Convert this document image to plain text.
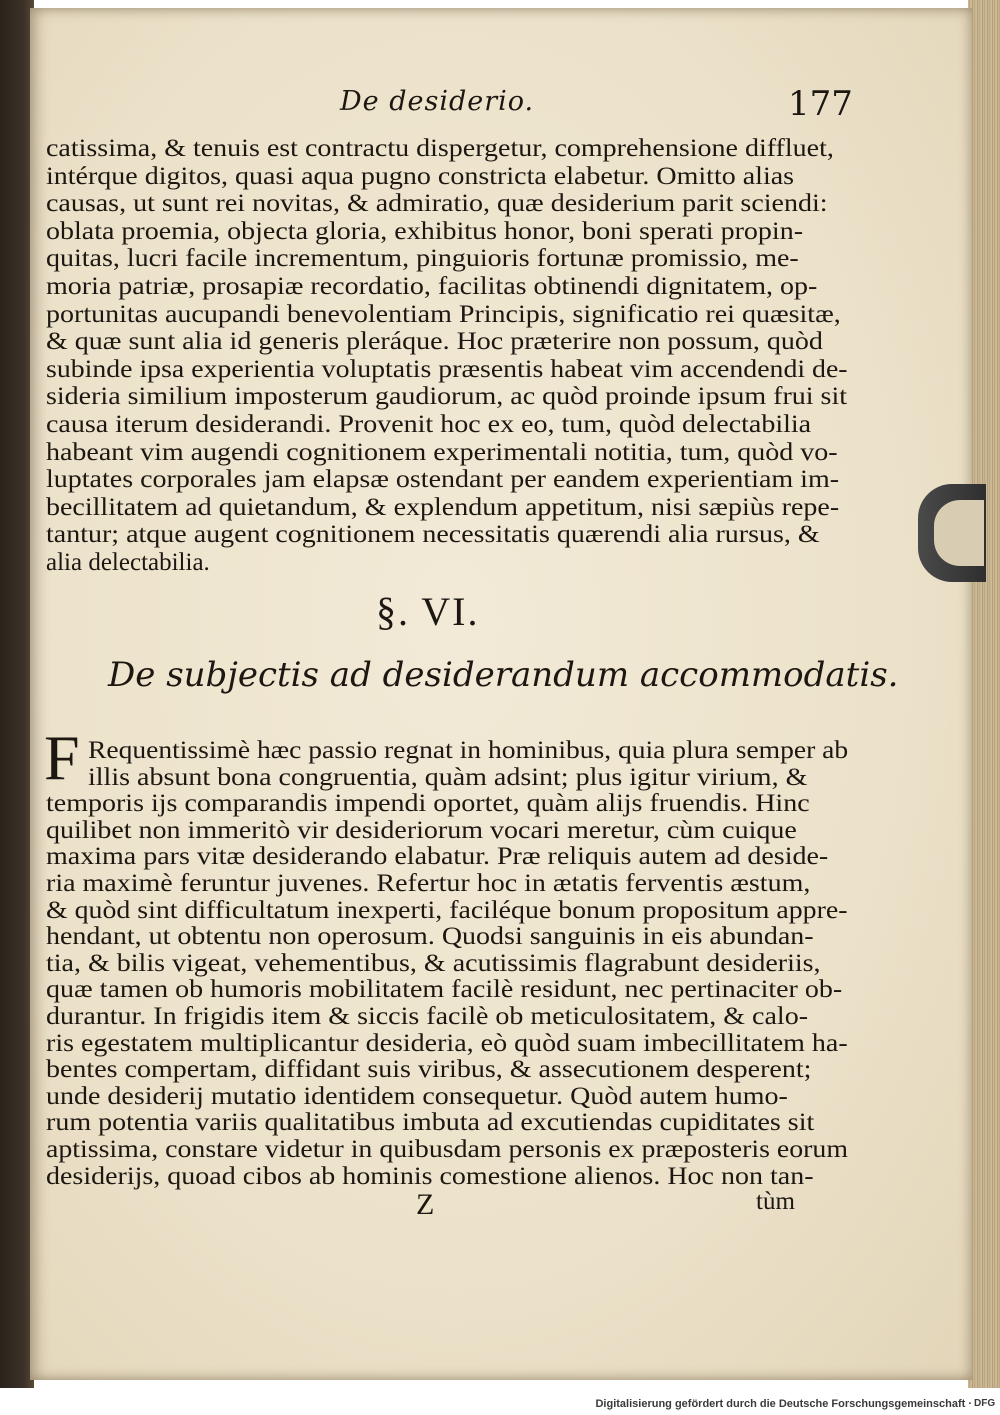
De desiderio.	177
catissima, & tenuis est contractu dispergetur, comprehensione diffluet,
intérque digitos, quasi aqua pugno constricta elabetur. Omitto alias
causas, ut sunt rei novitas, & admiratio, quæ desiderium parit sciendi:
oblata proemia, objecta gloria, exhibitus honor, boni sperati propin-
quitas, lucri facile incrementum, pinguioris fortunæ promissio, me-
moria patriæ, prosapiæ recordatio, facilitas obtinendi dignitatem, op-
portunitas aucupandi benevolentiam Principis, significatio rei quæsitæ,
& quæ sunt alia id generis pleráque. Hoc præterire non possum, quòd
subinde ipsa experientia voluptatis præsentis habeat vim accendendi de-
sideria similium imposterum gaudiorum, ac quòd proinde ipsum frui sit
causa iterum desiderandi. Provenit hoc ex eo, tum, quòd delectabilia
habeant vim augendi cognitionem experimentali notitia, tum, quòd vo-
luptates corporales jam elapsæ ostendant per eandem experientiam im-
becillitatem ad quietandum, & explendum appetitum, nisi sæpiùs repe-
tantur; atque augent cognitionem necessitatis quærendi alia rursus, &
alia delectabilia.
§. VI.
De subjectis ad desiderandum accommodatis.
F Requentissimè hæc passio regnat in hominibus, quia plura semper ab
illis absunt bona congruentia, quàm adsint; plus igitur virium, &
temporis ijs comparandis impendi oportet, quàm alijs fruendis. Hinc
quilibet non immeritò vir desideriorum vocari meretur, cùm cuique
maxima pars vitæ desiderando elabatur. Præ reliquis autem ad deside-
ria maximè feruntur juvenes. Refertur hoc in ætatis ferventis æstum,
& quòd sint difficultatum inexperti, faciléque bonum propositum appre-
hendant, ut obtentu non operosum. Quodsi sanguinis in eis abundan-
tia, & bilis vigeat, vehementibus, & acutissimis flagrabunt desideriis,
quæ tamen ob humoris mobilitatem facilè residunt, nec pertinaciter ob-
durantur. In frigidis item & siccis facilè ob meticulositatem, & calo-
ris egestatem multiplicantur desideria, eò quòd suam imbecillitatem ha-
bentes compertam, diffidant suis viribus, & assecutionem desperent;
unde desiderij mutatio identidem consequetur. Quòd autem humo-
rum potentia variis qualitatibus imbuta ad excutiendas cupiditates sit
aptissima, constare videtur in quibusdam personis ex præposteris eorum
desiderijs, quoad cibos ab hominis comestione alienos. Hoc non tan-
Z	tùm
Digitalisierung gefördert durch die Deutsche Forschungsgemeinschaft · DFG
